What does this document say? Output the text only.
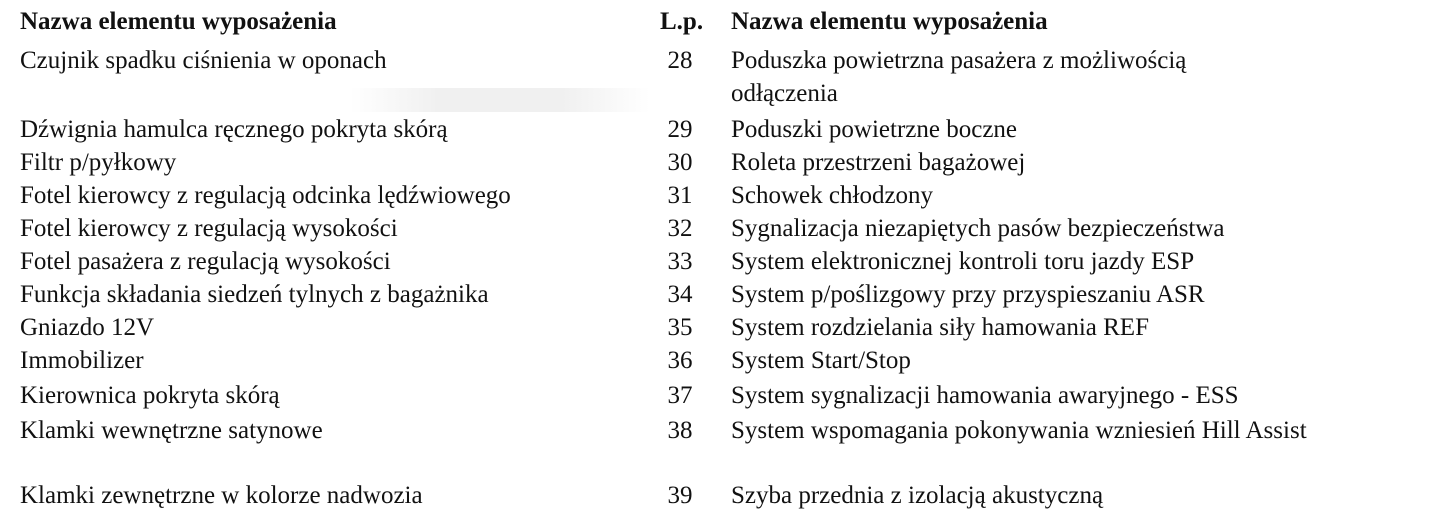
Nazwa elementu wyposażenia	L.p. Nazwa elementu wyposażenia
Czujnik spadku ciśnienia w oponach
Dźwignia hamulca ręcznego pokryta skórą
Filtr p/pyłkowy
Fotel kierowcy z regulacją odcinka lędźwiowego
Fotel kierowcy z regulacją wysokości
Fotel pasażera z regulacją wysokości
Funkcja składania siedzeń tylnych z bagażnika
Gniazdo 12V
Immobilizer
Kierownica pokryta skórą
Klamki wewnętrzne satynowe
Klamki zewnętrzne w kolorze nadwozia
28
29
30
31
32
33
34
35
36
37
38
39
Poduszka powietrzna pasażera z możliwością odłączenia
Poduszki powietrzne boczne
Roleta przestrzeni bagażowej
Schowek chłodzony
Sygnalizacja niezapiętych pasów bezpieczeństwa
System elektronicznej kontroli toru jazdy ESP
System p/poślizgowy przy przyspieszaniu ASR
System rozdzielania siły hamowania REF
System Start/Stop
System sygnalizacji hamowania awaryjnego - ESS
System wspomagania pokonywania wzniesień Hill Assist
Szyba przednia z izolacją akustyczną
